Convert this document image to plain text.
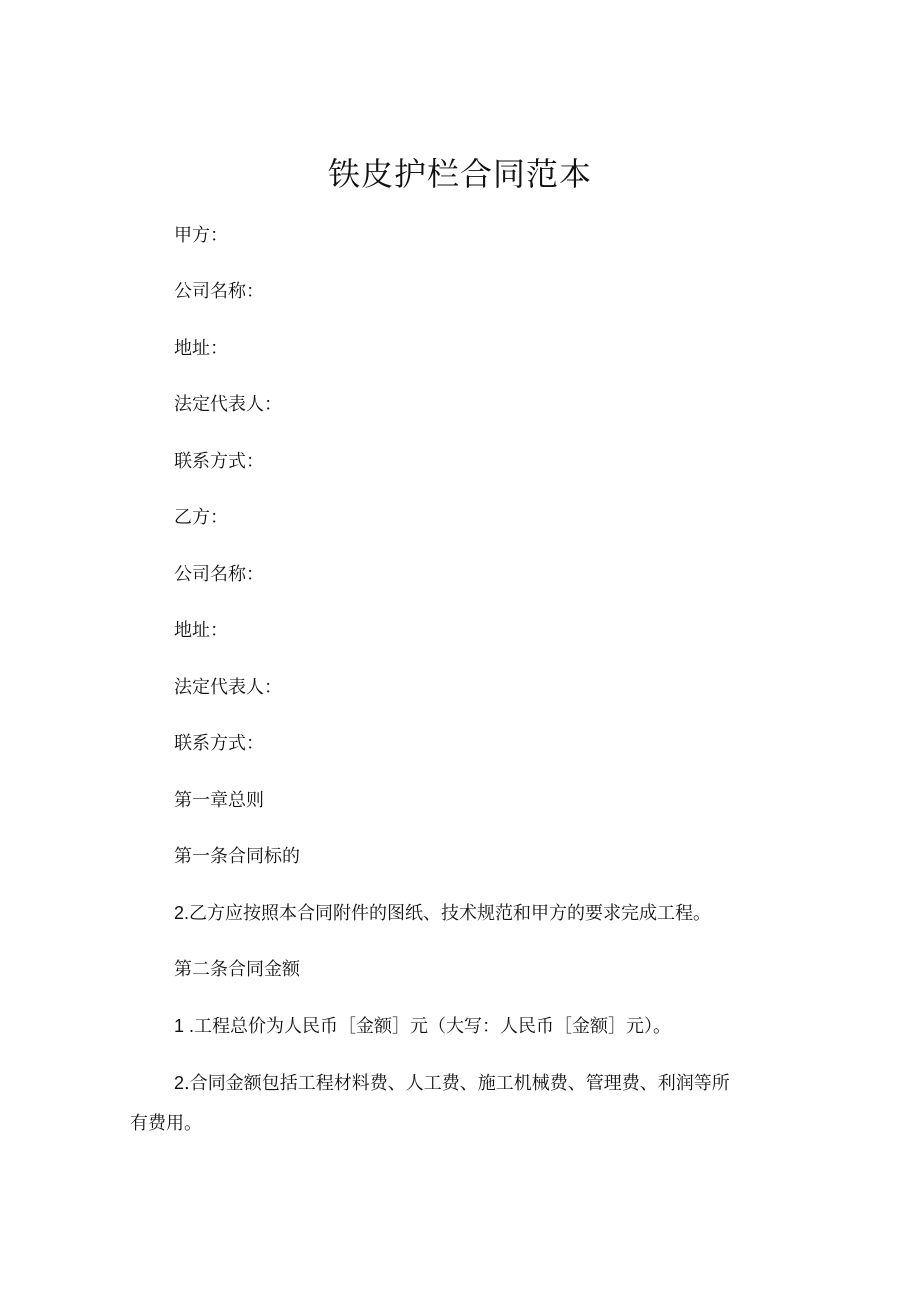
铁皮护栏合同范本
甲方：
公司名称：
地址：
法定代表人：
联系方式：
乙方：
公司名称：
地址：
法定代表人：
联系方式：
第一章总则
第一条合同标的
2.乙方应按照本合同附件的图纸、技术规范和甲方的要求完成工程。
第二条合同金额
1 .工程总价为人民币［金额］元（大写：人民币［金额］元）。
2.合同金额包括工程材料费、人工费、施工机械费、管理费、利润等所有费用。
